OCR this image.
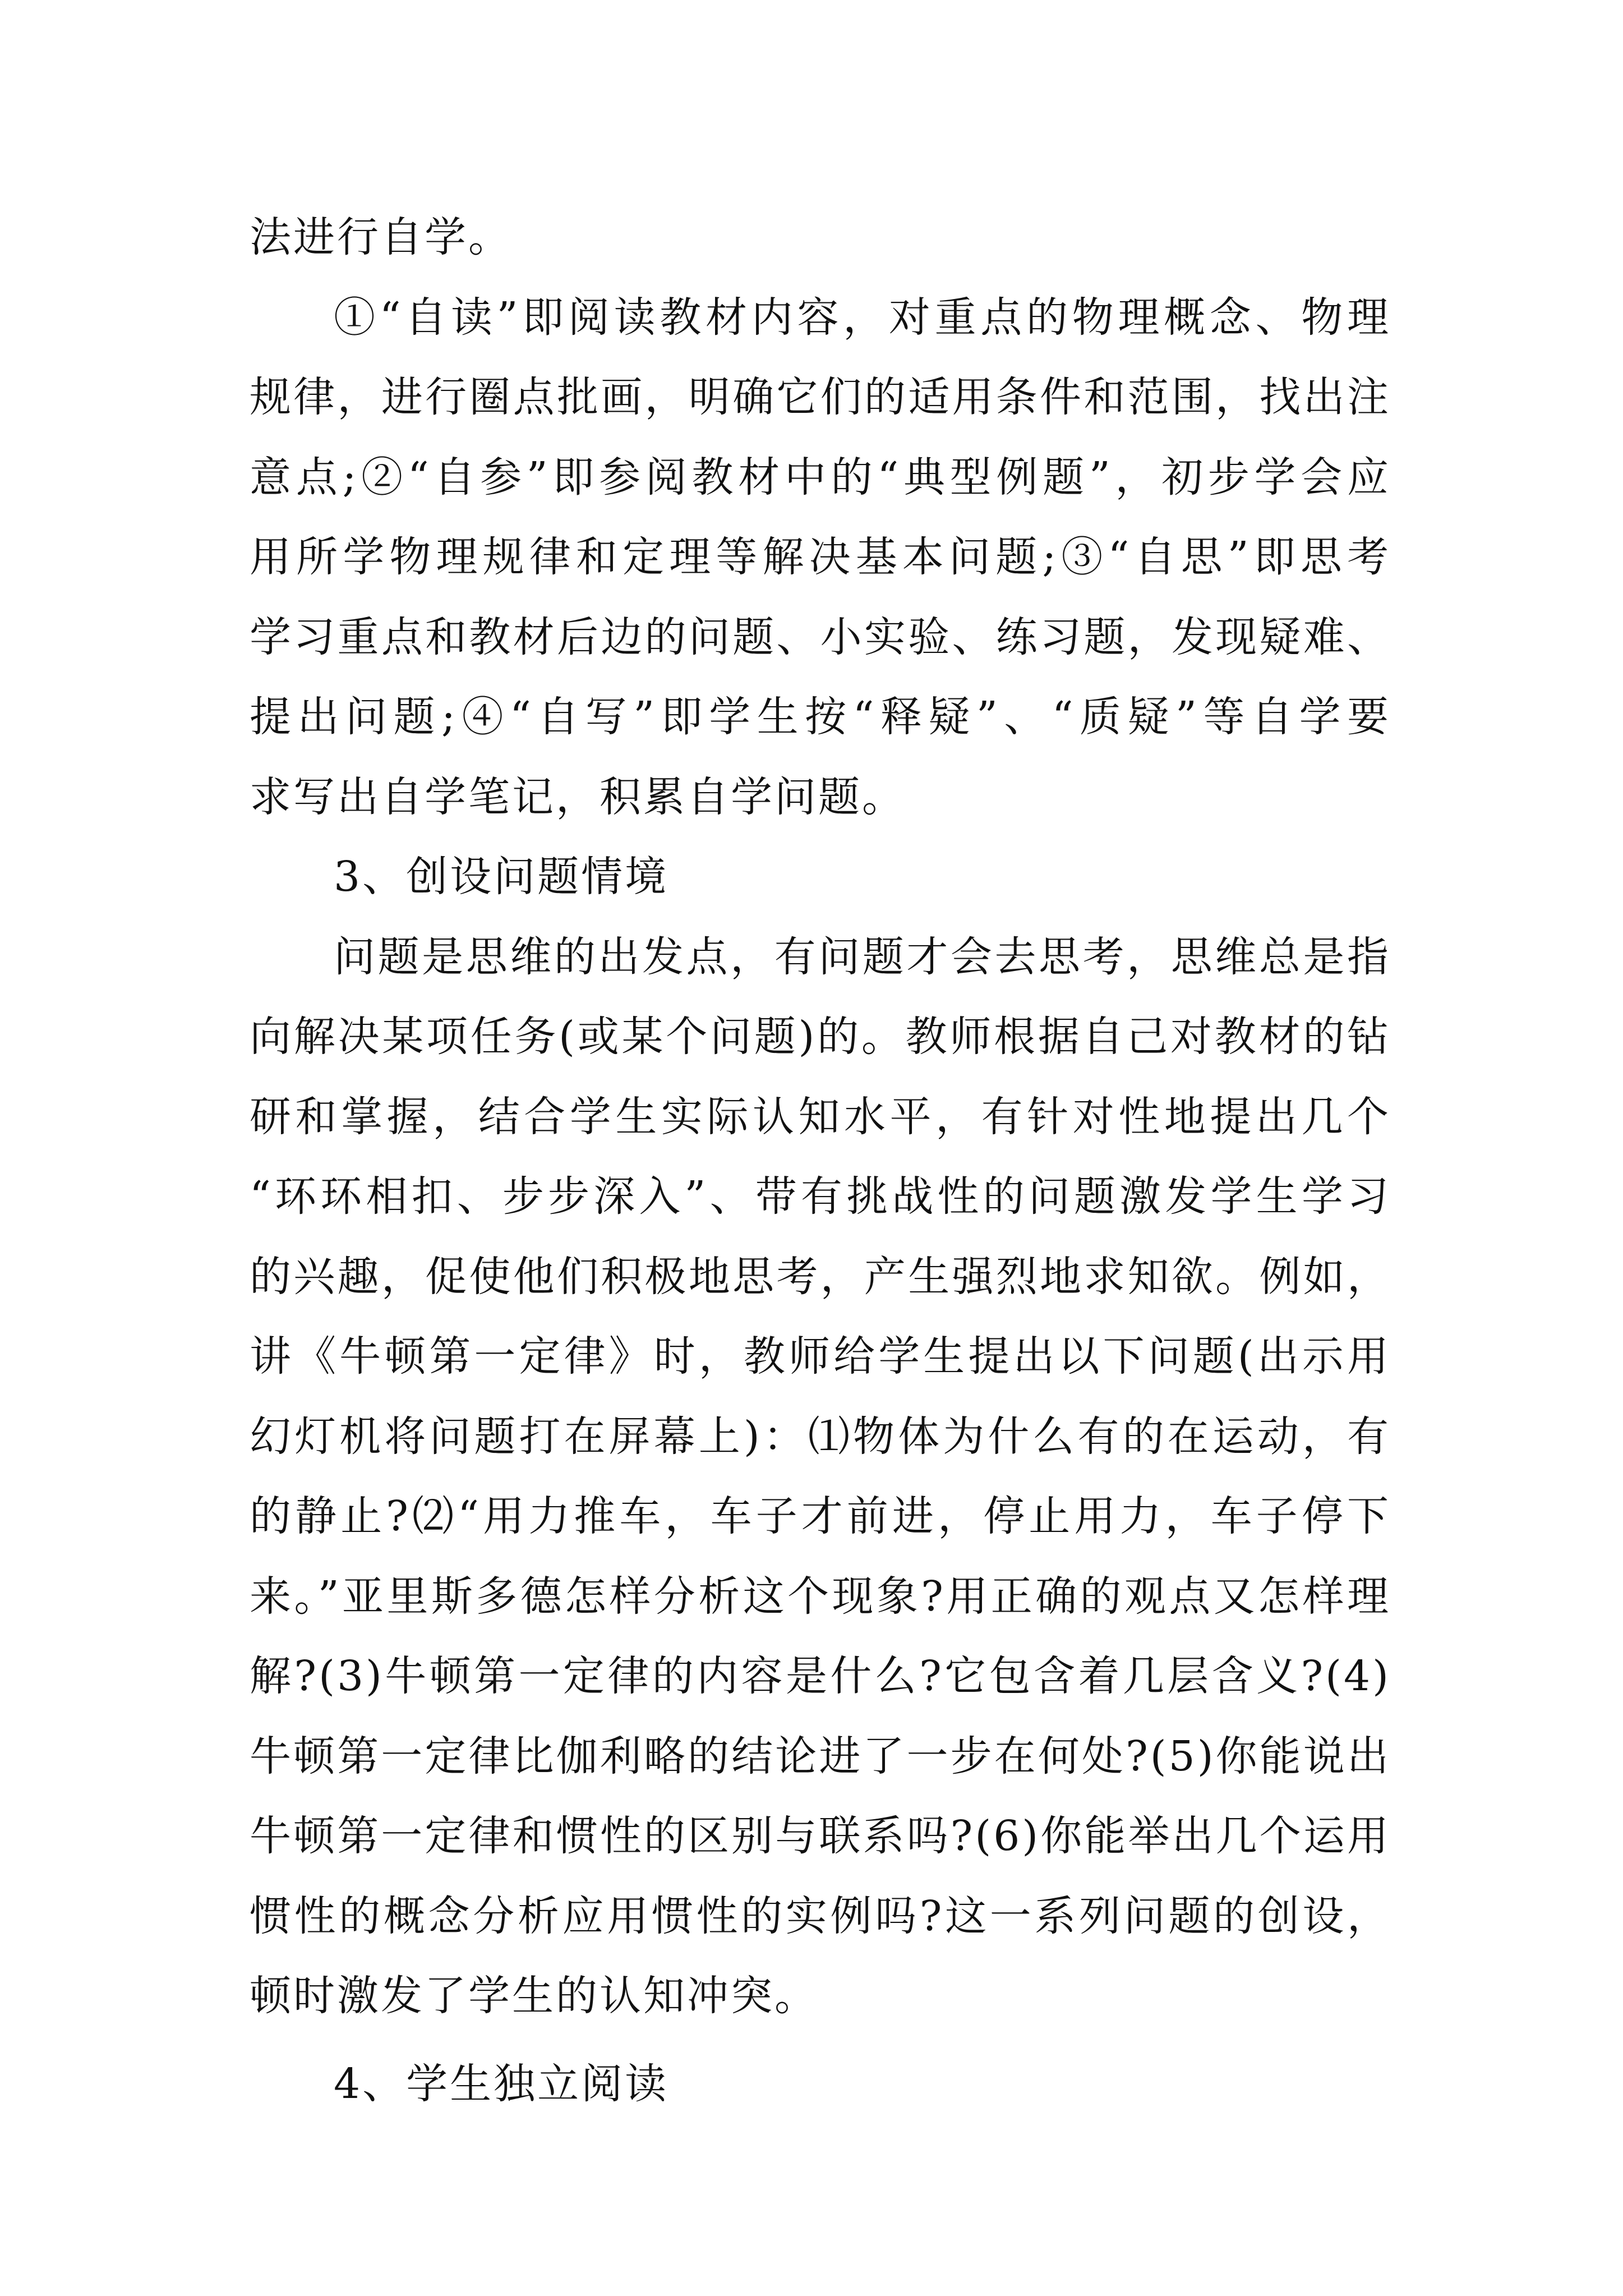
法进行自学。
①“自读”即阅读教材内容，对重点的物理概念、物理
规律，进行圈点批画，明确它们的适用条件和范围，找出注
意点;②“自参”即参阅教材中的“典型例题”，初步学会应
用所学物理规律和定理等解决基本问题;③“自思”即思考
学习重点和教材后边的问题、小实验、练习题，发现疑难、
提出问题;④“自写”即学生按“释疑”、“质疑”等自学要
求写出自学笔记，积累自学问题。
3、创设问题情境
问题是思维的出发点，有问题才会去思考，思维总是指
向解决某项任务(或某个问题)的。教师根据自己对教材的钻
研和掌握，结合学生实际认知水平，有针对性地提出几个
“环环相扣、步步深入”、带有挑战性的问题激发学生学习
的兴趣，促使他们积极地思考，产生强烈地求知欲。例如，
讲《牛顿第一定律》时，教师给学生提出以下问题(出示用
幻灯机将问题打在屏幕上)：⑴物体为什么有的在运动，有
的静止?⑵“用力推车，车子才前进，停止用力，车子停下
来。”亚里斯多德怎样分析这个现象?用正确的观点又怎样理
解?(3)牛顿第一定律的内容是什么?它包含着几层含义?(4)
牛顿第一定律比伽利略的结论进了一步在何处?(5)你能说出
牛顿第一定律和惯性的区别与联系吗?(6)你能举出几个运用
惯性的概念分析应用惯性的实例吗?这一系列问题的创设，
顿时激发了学生的认知冲突。
4、学生独立阅读
